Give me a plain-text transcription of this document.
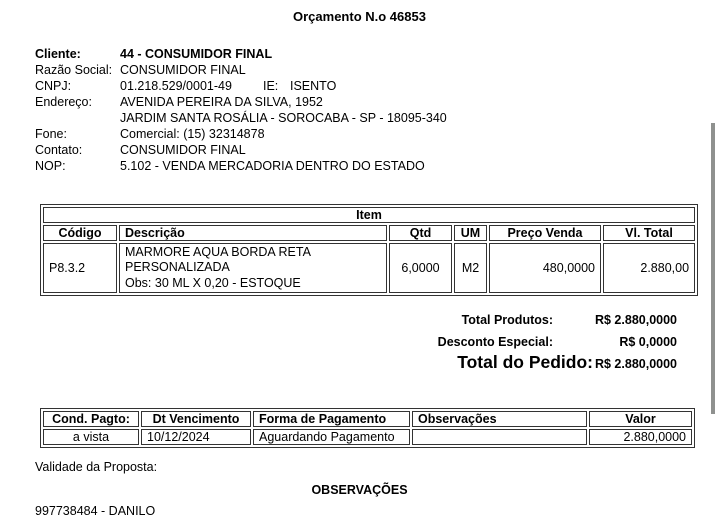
Orçamento N.o 46853
Cliente:	44 - CONSUMIDOR FINAL
Razão Social: CONSUMIDOR FINAL
CNPJ:	01.218.529/0001-49 IE: ISENTO
Endereço: AVENIDA PEREIRA DA SILVA, 1952
JARDIM SANTA ROSÁLIA - SOROCABA - SP - 18095-340
Fone:	Comercial: (15) 32314878
Contato:	CONSUMIDOR FINAL
NOP:	5.102 - VENDA MERCADORIA DENTRO DO ESTADO
Item					
Código	Descrição	Qtd	UM	Preço Venda	Vl. Total
P8.3.2	MARMORE AQUA BORDA RETA
PERSONALIZADA
Obs: 30 ML X 0,20 - ESTOQUE	6,0000	M2	480,0000	2.880,00
Total Produtos:	R$ 2.880,0000
Desconto Especial:	R$ 0,0000
Total do Pedido: R$ 2.880,0000
Cond. Pagto:	Dt Vencimento	Forma de Pagamento	Observações	Valor
a vista	10/12/2024	Aguardando Pagamento		2.880,0000
Validade da Proposta:
OBSERVAÇÕES
997738484 - DANILO
